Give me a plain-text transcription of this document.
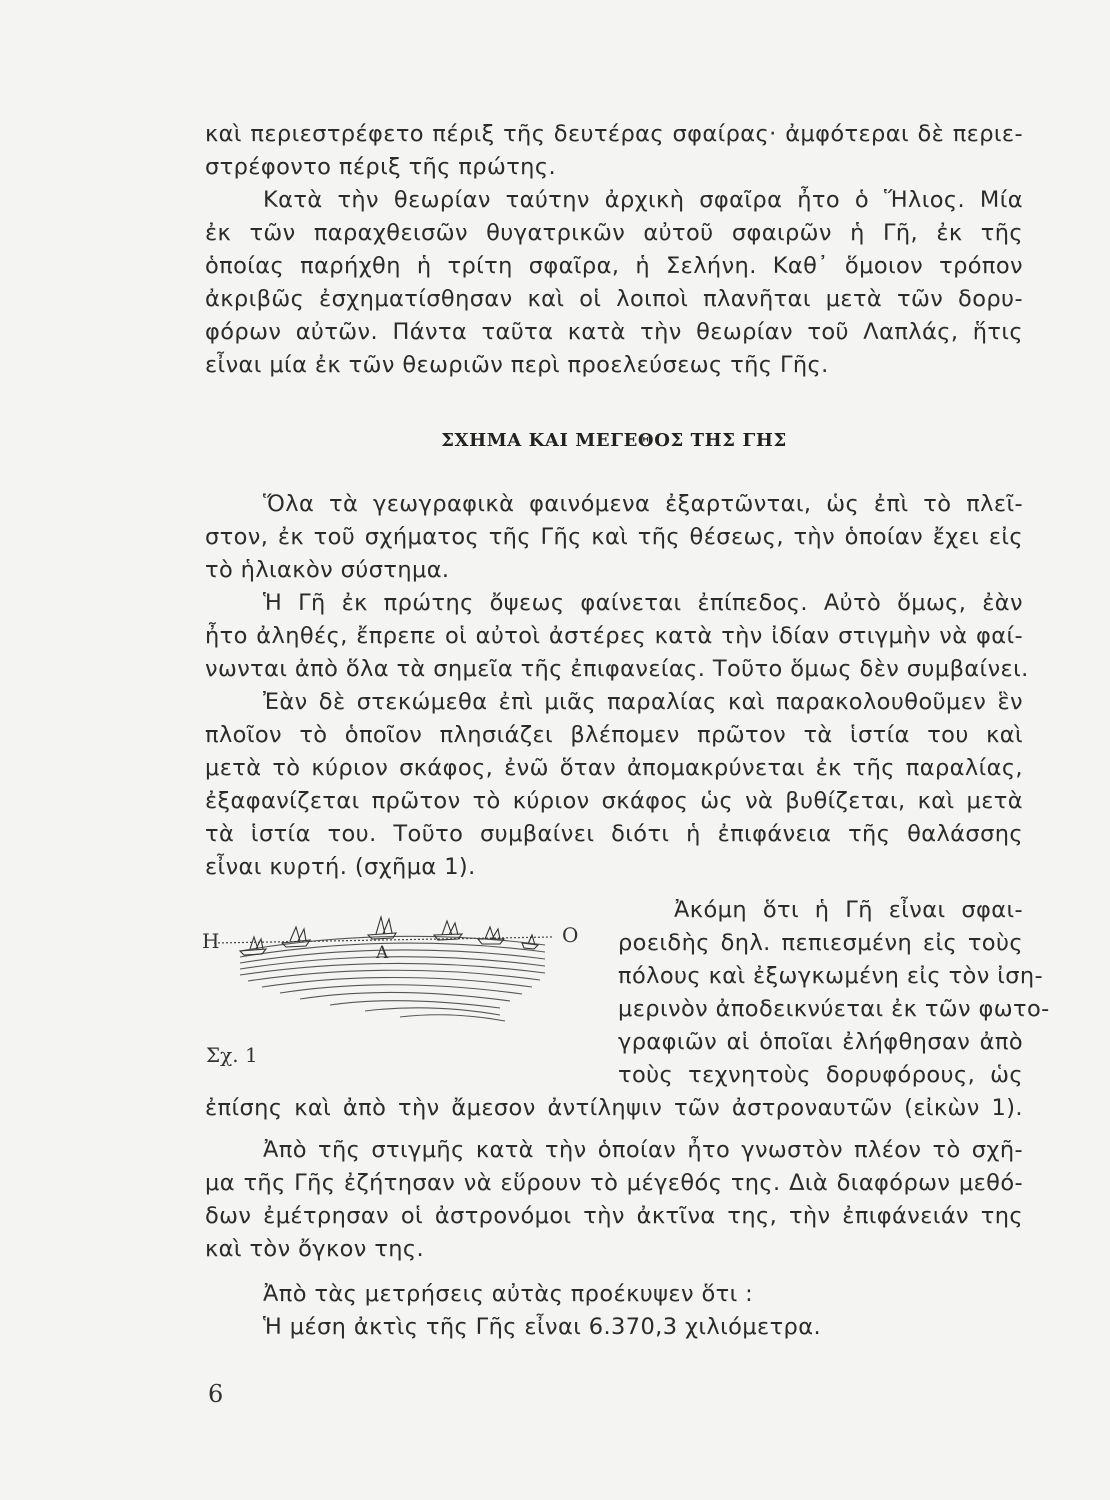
καὶ περιεστρέφετο πέριξ τῆς δευτέρας σφαίρας· ἀμφότεραι δὲ περιε-
στρέφοντο πέριξ τῆς πρώτης.
Κατὰ τὴν θεωρίαν ταύτην ἀρχικὴ σφαῖρα ἦτο ὁ Ἥλιος. Μία
ἐκ τῶν παραχθεισῶν θυγατρικῶν αὐτοῦ σφαιρῶν ἡ Γῆ, ἐκ τῆς
ὁποίας παρήχθη ἡ τρίτη σφαῖρα, ἡ Σελήνη. Καθ᾽ ὅμοιον τρόπον
ἀκριβῶς ἐσχηματίσθησαν καὶ οἱ λοιποὶ πλανῆται μετὰ τῶν δορυ-
φόρων αὐτῶν. Πάντα ταῦτα κατὰ τὴν θεωρίαν τοῦ Λαπλάς, ἥτις
εἶναι μία ἐκ τῶν θεωριῶν περὶ προελεύσεως τῆς Γῆς.
ΣΧΗΜΑ ΚΑΙ ΜΕΓΕΘΟΣ ΤΗΣ ΓΗΣ
Ὅλα τὰ γεωγραφικὰ φαινόμενα ἐξαρτῶνται, ὡς ἐπὶ τὸ πλεῖ-
στον, ἐκ τοῦ σχήματος τῆς Γῆς καὶ τῆς θέσεως, τὴν ὁποίαν ἔχει εἰς
τὸ ἡλιακὸν σύστημα.
Ἡ Γῆ ἐκ πρώτης ὄψεως φαίνεται ἐπίπεδος. Αὐτὸ ὅμως, ἐὰν
ἦτο ἀληθές, ἔπρεπε οἱ αὐτοὶ ἀστέρες κατὰ τὴν ἰδίαν στιγμὴν νὰ φαί-
νωνται ἀπὸ ὅλα τὰ σημεῖα τῆς ἐπιφανείας. Τοῦτο ὅμως δὲν συμβαίνει.
Ἐὰν δὲ στεκώμεθα ἐπὶ μιᾶς παραλίας καὶ παρακολουθοῦμεν ἓν
πλοῖον τὸ ὁποῖον πλησιάζει βλέπομεν πρῶτον τὰ ἱστία του καὶ
μετὰ τὸ κύριον σκάφος, ἐνῶ ὅταν ἀπομακρύνεται ἐκ τῆς παραλίας,
ἐξαφανίζεται πρῶτον τὸ κύριον σκάφος ὡς νὰ βυθίζεται, καὶ μετὰ
τὰ ἱστία του. Τοῦτο συμβαίνει διότι ἡ ἐπιφάνεια τῆς θαλάσσης
εἶναι κυρτή. (σχῆμα 1).
Ἀκόμη ὅτι ἡ Γῆ εἶναι σφαι-
ροειδὴς δηλ. πεπιεσμένη εἰς τοὺς
πόλους καὶ ἐξωγκωμένη εἰς τὸν ἰση-
μερινὸν ἀποδεικνύεται ἐκ τῶν φωτο-
γραφιῶν αἱ ὁποῖαι ἐλήφθησαν ἀπὸ
τοὺς τεχνητοὺς δορυφόρους, ὡς
Η	Ο
Α
Σχ. 1
ἐπίσης καὶ ἀπὸ τὴν ἄμεσον ἀντίληψιν τῶν ἀστροναυτῶν (εἰκὼν 1).
Ἀπὸ τῆς στιγμῆς κατὰ τὴν ὁποίαν ἦτο γνωστὸν πλέον τὸ σχῆ-
μα τῆς Γῆς ἐζήτησαν νὰ εὕρουν τὸ μέγεθός της. Διὰ διαφόρων μεθό-
δων ἐμέτρησαν οἱ ἀστρονόμοι τὴν ἀκτῖνα της, τὴν ἐπιφάνειάν της
καὶ τὸν ὄγκον της.
Ἀπὸ τὰς μετρήσεις αὐτὰς προέκυψεν ὅτι :
Ἡ μέση ἀκτὶς τῆς Γῆς εἶναι 6.370,3 χιλιόμετρα.
6
